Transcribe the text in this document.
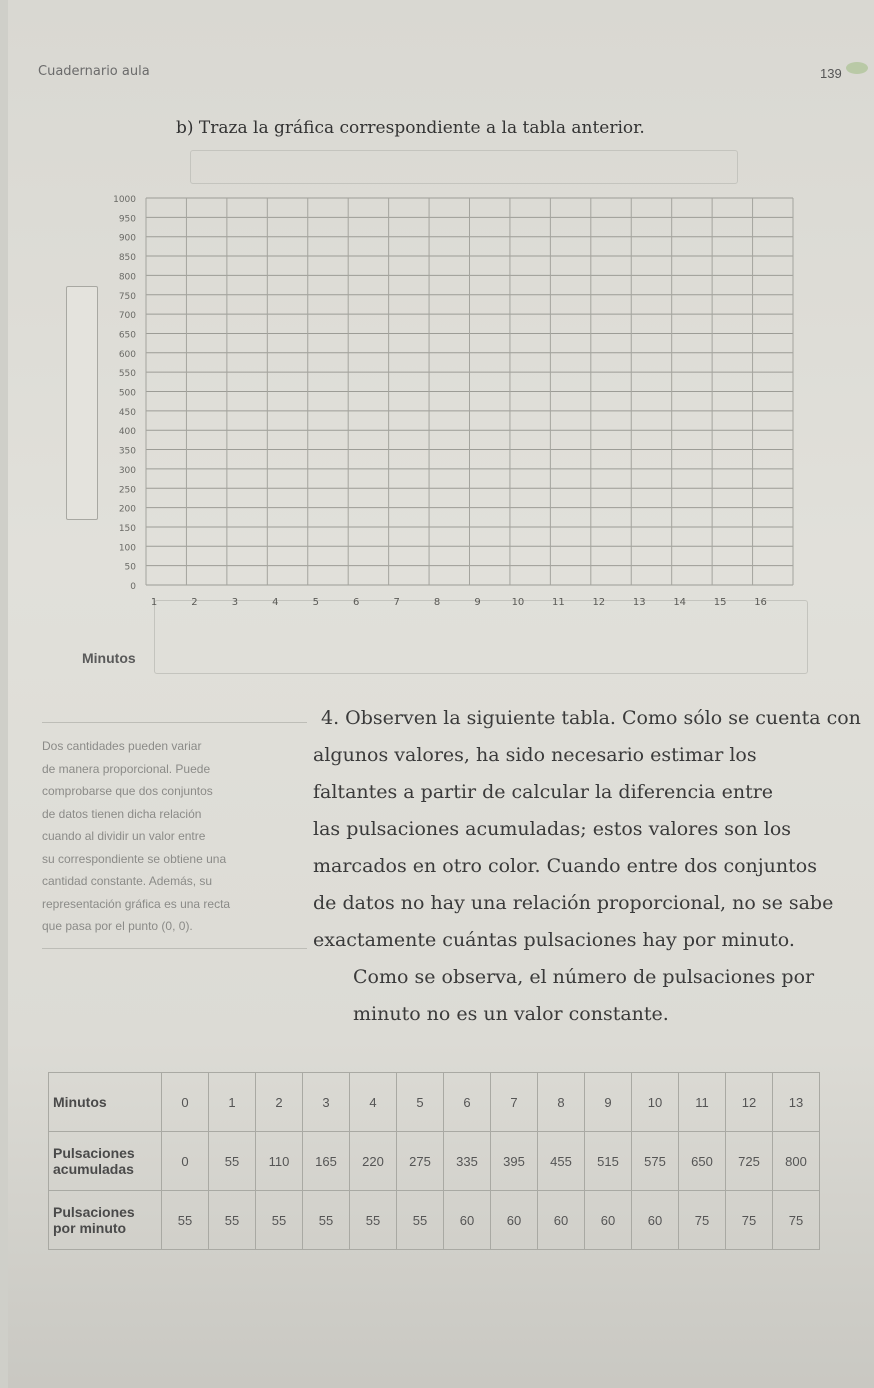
Cuadernario aula	139
b) Traza la gráfica correspondiente a la tabla anterior.
Minutos
0
50
100
150
200
250
300
350
400
450
500
550
600
650
700
750
800
850
900
950
1000
1	2	3	4	5	6	7	8	9	10	11	12	13	14	15	16

Dos cantidades pueden variar

de manera proporcional. Puede

comprobarse que dos conjuntos

de datos tienen dicha relación

cuando al dividir un valor entre

su correspondiente se obtiene una

cantidad constante. Además, su

representación gráfica es una recta

que pasa por el punto (0, 0).

4. Observen la siguiente tabla. Como sólo se cuenta con

algunos valores, ha sido necesario estimar los

faltantes a partir de calcular la diferencia entre

las pulsaciones acumuladas; estos valores son los

marcados en otro color. Cuando entre dos conjuntos

de datos no hay una relación proporcional, no se sabe

exactamente cuántas pulsaciones hay por minuto.

Como se observa, el número de pulsaciones por

minuto no es un valor constante.

Minutos	0	1	2	3	4	5	6	7	8	9	10	11	12	13
Pulsaciones acumuladas	0	55	110	165	220	275	335	395	455	515	575	650	725	800
Pulsaciones por minuto	55	55	55	55	55	55	60	60	60	60	60	75	75	75
